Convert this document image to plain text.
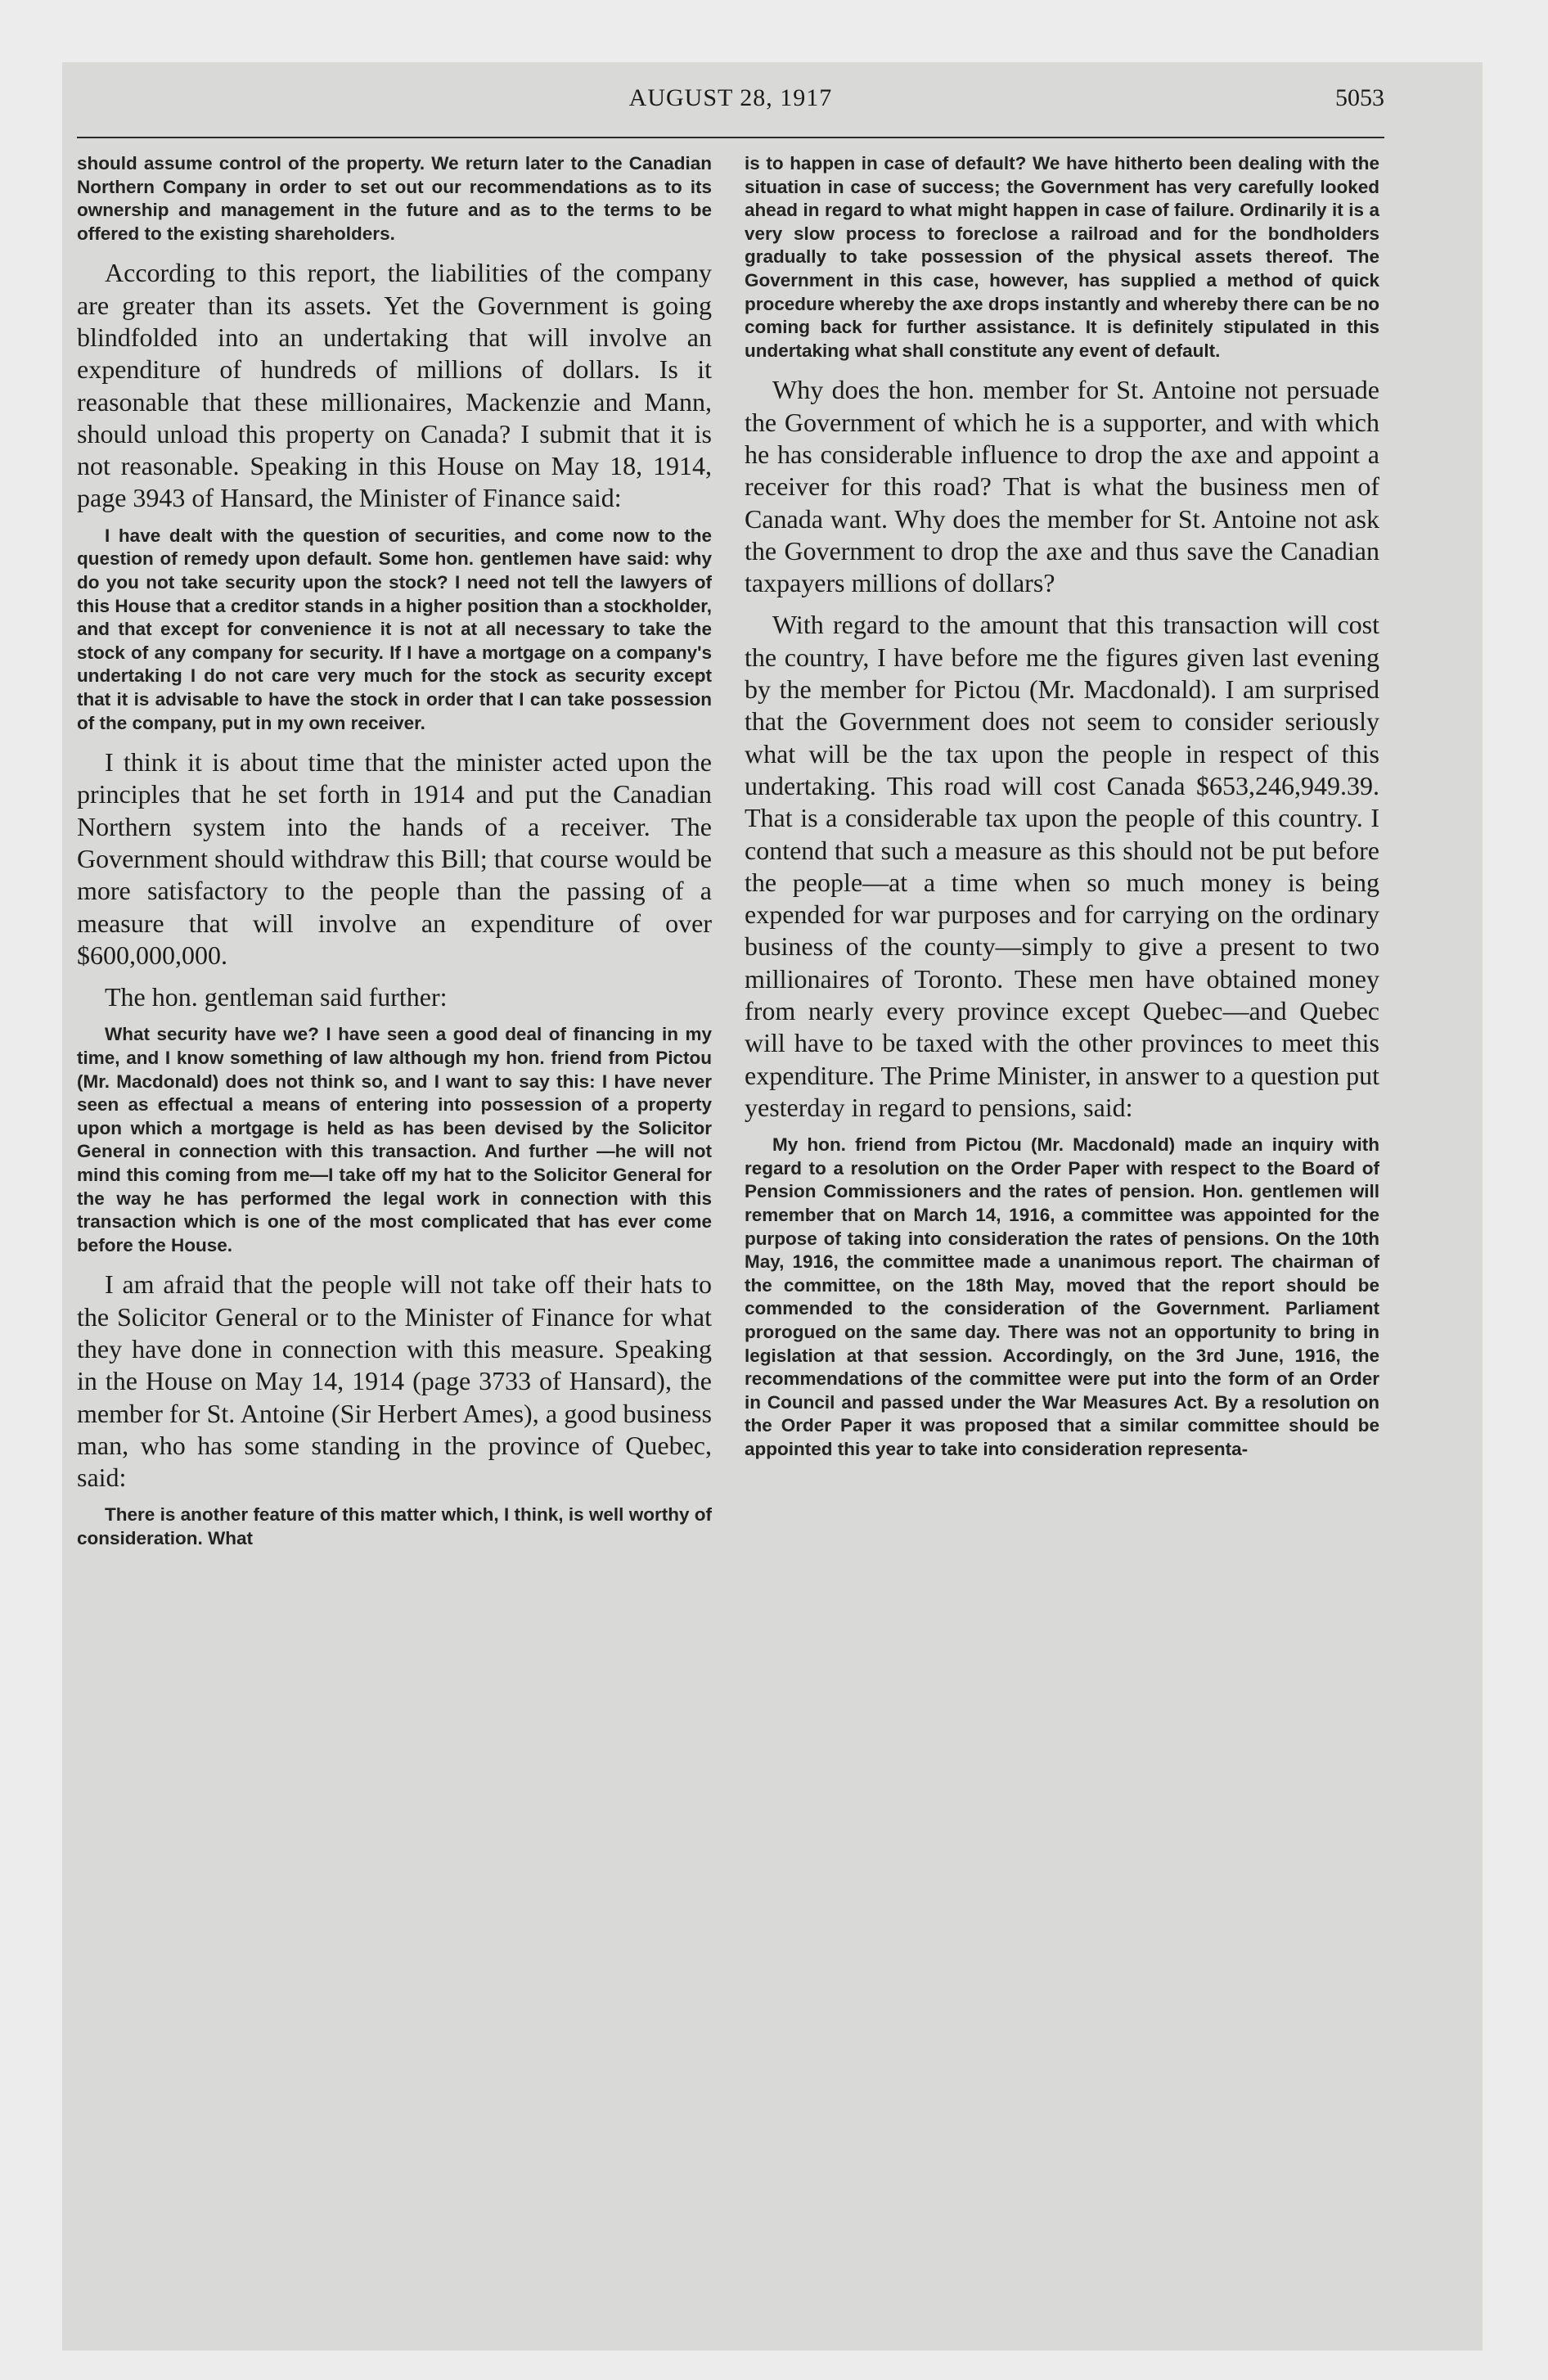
AUGUST 28, 1917	5053

should assume control of the property. We return later to the Canadian Northern Company in order to set out our recommendations as to its ownership and management in the future and as to the terms to be offered to the existing shareholders.

According to this report, the liabilities of the company are greater than its assets. Yet the Government is going blindfolded into an undertaking that will involve an expenditure of hundreds of millions of dollars. Is it reasonable that these millionaires, Mackenzie and Mann, should unload this property on Canada? I submit that it is not reasonable. Speaking in this House on May 18, 1914, page 3943 of Hansard, the Minister of Finance said:

I have dealt with the question of securities, and come now to the question of remedy upon default. Some hon. gentlemen have said: why do you not take security upon the stock? I need not tell the lawyers of this House that a creditor stands in a higher position than a stockholder, and that except for convenience it is not at all necessary to take the stock of any company for security. If I have a mortgage on a company's undertaking I do not care very much for the stock as security except that it is advisable to have the stock in order that I can take possession of the company, put in my own receiver.

I think it is about time that the minister acted upon the principles that he set forth in 1914 and put the Canadian Northern system into the hands of a receiver. The Government should withdraw this Bill; that course would be more satisfactory to the people than the passing of a measure that will involve an expenditure of over $600,000,000.

The hon. gentleman said further:

What security have we? I have seen a good deal of financing in my time, and I know something of law although my hon. friend from Pictou (Mr. Macdonald) does not think so, and I want to say this: I have never seen as effectual a means of entering into possession of a property upon which a mortgage is held as has been devised by the Solicitor General in connection with this transaction. And further —he will not mind this coming from me—I take off my hat to the Solicitor General for the way he has performed the legal work in connection with this transaction which is one of the most complicated that has ever come before the House.

I am afraid that the people will not take off their hats to the Solicitor General or to the Minister of Finance for what they have done in connection with this measure. Speaking in the House on May 14, 1914 (page 3733 of Hansard), the member for St. Antoine (Sir Herbert Ames), a good business man, who has some standing in the province of Quebec, said:

There is another feature of this matter which, I think, is well worthy of consideration. What

is to happen in case of default? We have hitherto been dealing with the situation in case of success; the Government has very carefully looked ahead in regard to what might happen in case of failure. Ordinarily it is a very slow process to foreclose a railroad and for the bondholders gradually to take possession of the physical assets thereof. The Government in this case, however, has supplied a method of quick procedure whereby the axe drops instantly and whereby there can be no coming back for further assistance. It is definitely stipulated in this undertaking what shall constitute any event of default.

Why does the hon. member for St. Antoine not persuade the Government of which he is a supporter, and with which he has considerable influence to drop the axe and appoint a receiver for this road? That is what the business men of Canada want. Why does the member for St. Antoine not ask the Government to drop the axe and thus save the Canadian taxpayers millions of dollars?

With regard to the amount that this transaction will cost the country, I have before me the figures given last evening by the member for Pictou (Mr. Macdonald). I am surprised that the Government does not seem to consider seriously what will be the tax upon the people in respect of this undertaking. This road will cost Canada $653,246,949.39. That is a considerable tax upon the people of this country. I contend that such a measure as this should not be put before the people—at a time when so much money is being expended for war purposes and for carrying on the ordinary business of the county—simply to give a present to two millionaires of Toronto. These men have obtained money from nearly every province except Quebec—and Quebec will have to be taxed with the other provinces to meet this expenditure. The Prime Minister, in answer to a question put yesterday in regard to pensions, said:

My hon. friend from Pictou (Mr. Macdonald) made an inquiry with regard to a resolution on the Order Paper with respect to the Board of Pension Commissioners and the rates of pension. Hon. gentlemen will remember that on March 14, 1916, a committee was appointed for the purpose of taking into consideration the rates of pensions. On the 10th May, 1916, the committee made a unanimous report. The chairman of the committee, on the 18th May, moved that the report should be commended to the consideration of the Government. Parliament prorogued on the same day. There was not an opportunity to bring in legislation at that session. Accordingly, on the 3rd June, 1916, the recommendations of the committee were put into the form of an Order in Council and passed under the War Measures Act. By a resolution on the Order Paper it was proposed that a similar committee should be appointed this year to take into consideration representa-
